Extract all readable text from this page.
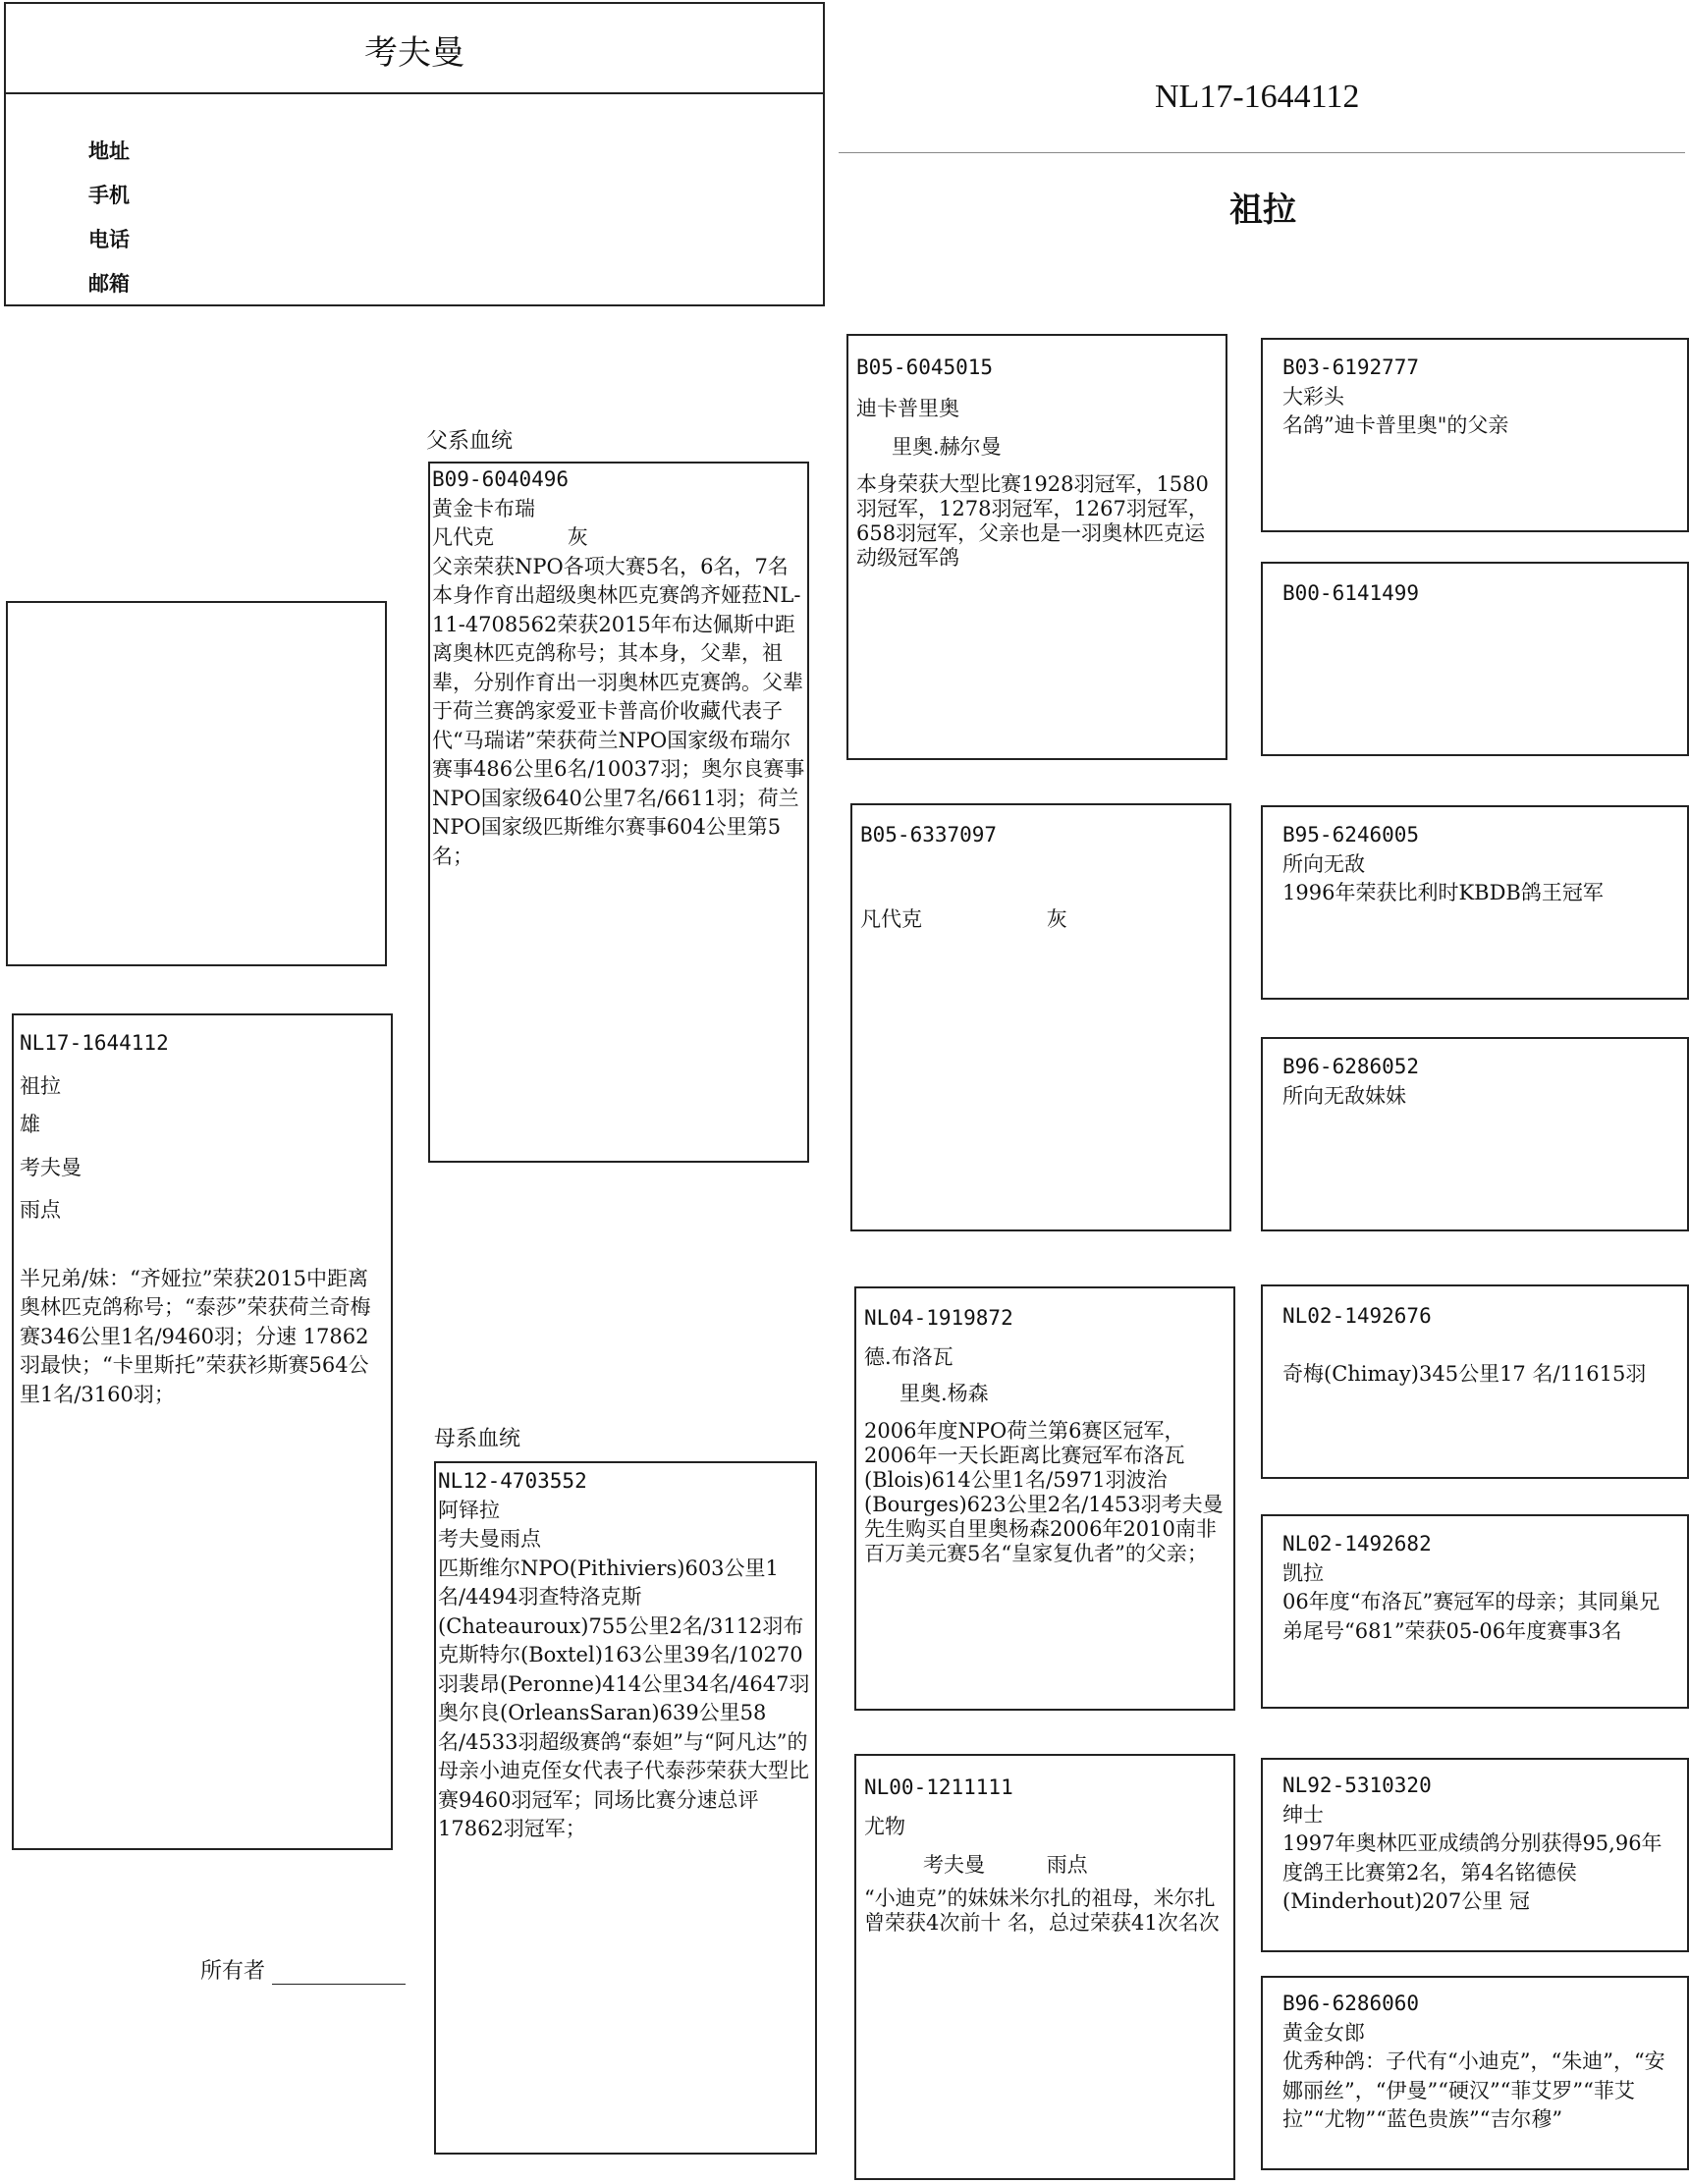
考夫曼
地址
手机
电话
邮箱
NL17-1644112
祖拉
NL17-1644112
祖拉
雄
考夫曼
雨点
半兄弟/妹：“齐娅拉”荣获2015中距离奥林匹克鸽称号；“泰莎”荣获荷兰奇梅赛346公里1名/9460羽；分速 17862羽最快；“卡里斯托”荣获衫斯赛564公里1名/3160羽；
所有者
父系血统
母系血统
B09-6040496
黄金卡布瑞
凡代克	灰
父亲荣获NPO各项大赛5名，6名，7名本身作育出超级奥林匹克赛鸽齐娅菈NL-11-4708562荣获2015年布达佩斯中距离奥林匹克鸽称号；其本身，父辈，祖辈，分别作育出一羽奥林匹克赛鸽。父辈于荷兰赛鸽家爱亚卡普高价收藏代表子代“马瑞诺”荣获荷兰NPO国家级布瑞尔赛事486公里6名/10037羽；奥尔良赛事NPO国家级640公里7名/6611羽；荷兰NPO国家级匹斯维尔赛事604公里第5名；
NL12-4703552
阿铎拉
考夫曼雨点
匹斯维尔NPO(Pithiviers)603公里1名/4494羽查特洛克斯(Chateauroux)755公里2名/3112羽布克斯特尔(Boxtel)163公里39名/10270羽裴昂(Peronne)414公里34名/4647羽奥尔良(OrleansSaran)639公里58名/4533羽超级赛鸽“泰妲”与“阿凡达”的母亲小迪克侄女代表子代泰莎荣获大型比赛9460羽冠军；同场比赛分速总评17862羽冠军；
B05-6045015
迪卡普里奥
里奥.赫尔曼
本身荣获大型比赛1928羽冠军，1580羽冠军，1278羽冠军，1267羽冠军，658羽冠军，父亲也是一羽奥林匹克运动级冠军鸽
B05-6337097
凡代克	灰
NL04-1919872
德.布洛瓦
里奥.杨森
2006年度NPO荷兰第6赛区冠军，2006年一天长距离比赛冠军布洛瓦(Blois)614公里1名/5971羽波治(Bourges)623公里2名/1453羽考夫曼先生购买自里奥杨森2006年2010南非百万美元赛5名“皇家复仇者”的父亲；
NL00-1211111
尤物
考夫曼	雨点
“小迪克”的妹妹米尔扎的祖母，米尔扎曾荣获4次前十 名，总过荣获41次名次
B03-6192777
大彩头
名鸽”迪卡普里奥"的父亲
B00-6141499
B95-6246005
所向无敌
1996年荣获比利时KBDB鸽王冠军
B96-6286052
所向无敌妹妹
NL02-1492676
奇梅(Chimay)345公里17 名/11615羽
NL02-1492682
凯拉
06年度“布洛瓦”赛冠军的母亲；其同巢兄弟尾号“681”荣获05-06年度赛事3名
NL92-5310320
绅士
1997年奥林匹亚成绩鸽分别获得95,96年度鸽王比赛第2名，第4名铭德侯(Minderhout)207公里 冠
B96-6286060
黄金女郎
优秀种鸽：子代有“小迪克”，“朱迪”，“安娜丽丝”，“伊曼”“硬汉”“菲艾罗”“菲艾拉”“尤物”“蓝色贵族”“吉尔穆”
